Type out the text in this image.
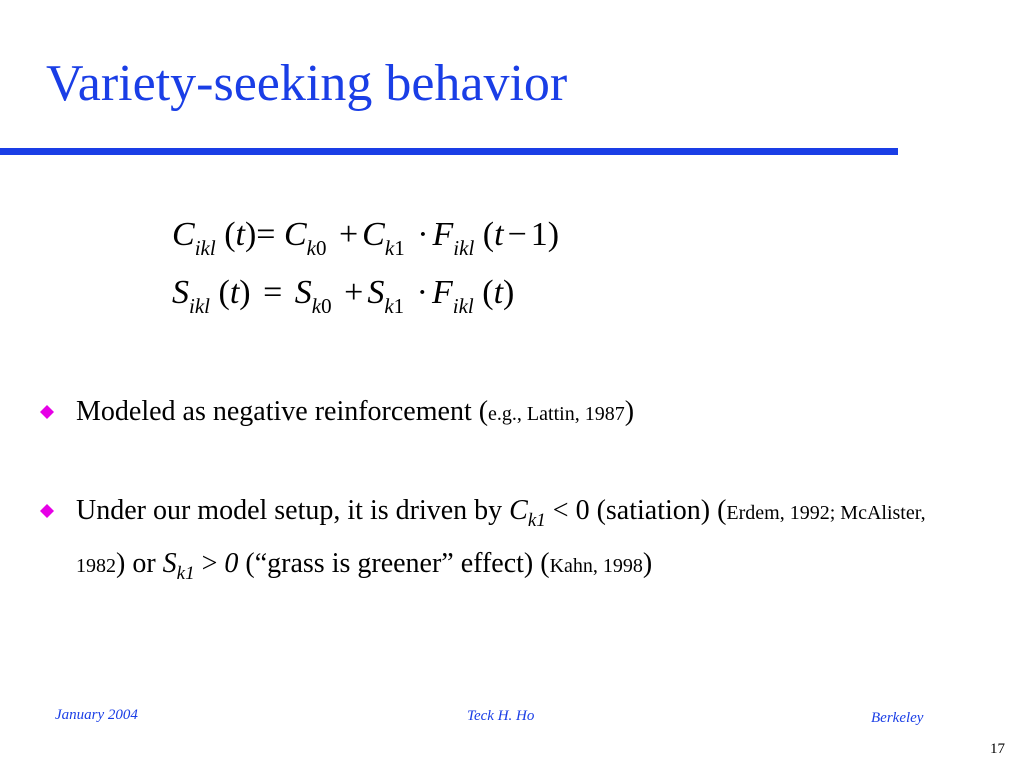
Variety-seeking behavior
$C_{ikl}$ $(t)= C_{k0} + C_{k1} \cdot F_{ikl}$ (t − 1)
$S_{ikl}$ $(t) = S_{k0} + S_{k1} \cdot F_{ikl}$ (t)
Modeled as negative reinforcement (e.g., Lattin, 1987)
Under our model setup, it is driven by $C_{k1} < 0$ (satiation) (Erdem, 1992; McAlister, 1982) or $S_{k1} > 0$ (“grass is greener” effect) (Kahn, 1998)
January 2004	Teck H. Ho	Berkeley
17
